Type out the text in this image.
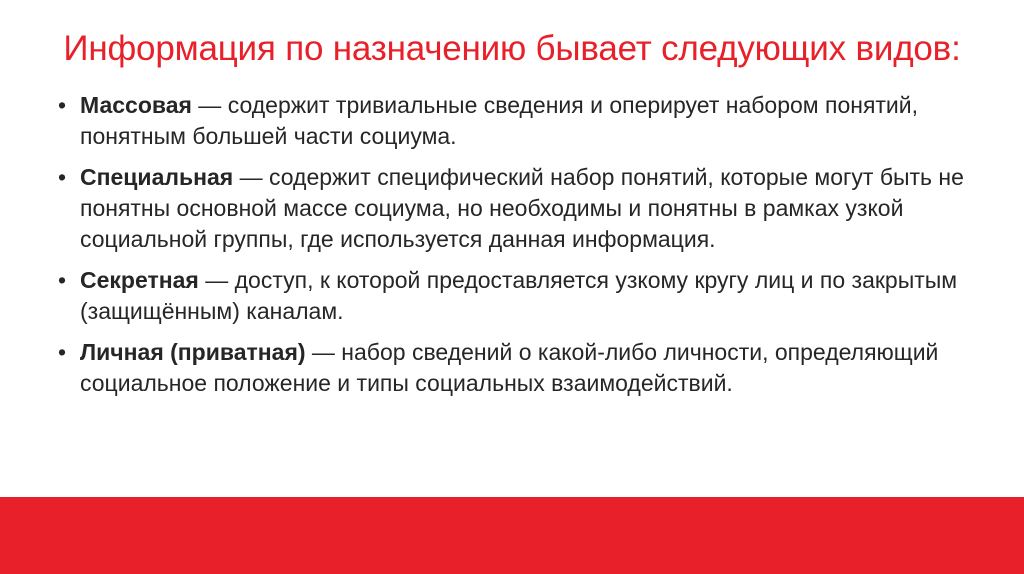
Информация по назначению бывает следующих видов:
• Массовая — содержит тривиальные сведения и оперирует набором понятий, понятным большей части социума.
• Специальная — содержит специфический набор понятий, которые могут быть не понятны основной массе социума, но необходимы и понятны в рамках узкой социальной группы, где используется данная информация.
• Секретная — доступ, к которой предоставляется узкому кругу лиц и по закрытым (защищённым) каналам.
• Личная (приватная) — набор сведений о какой-либо личности, определяющий социальное положение и типы социальных взаимодействий.
